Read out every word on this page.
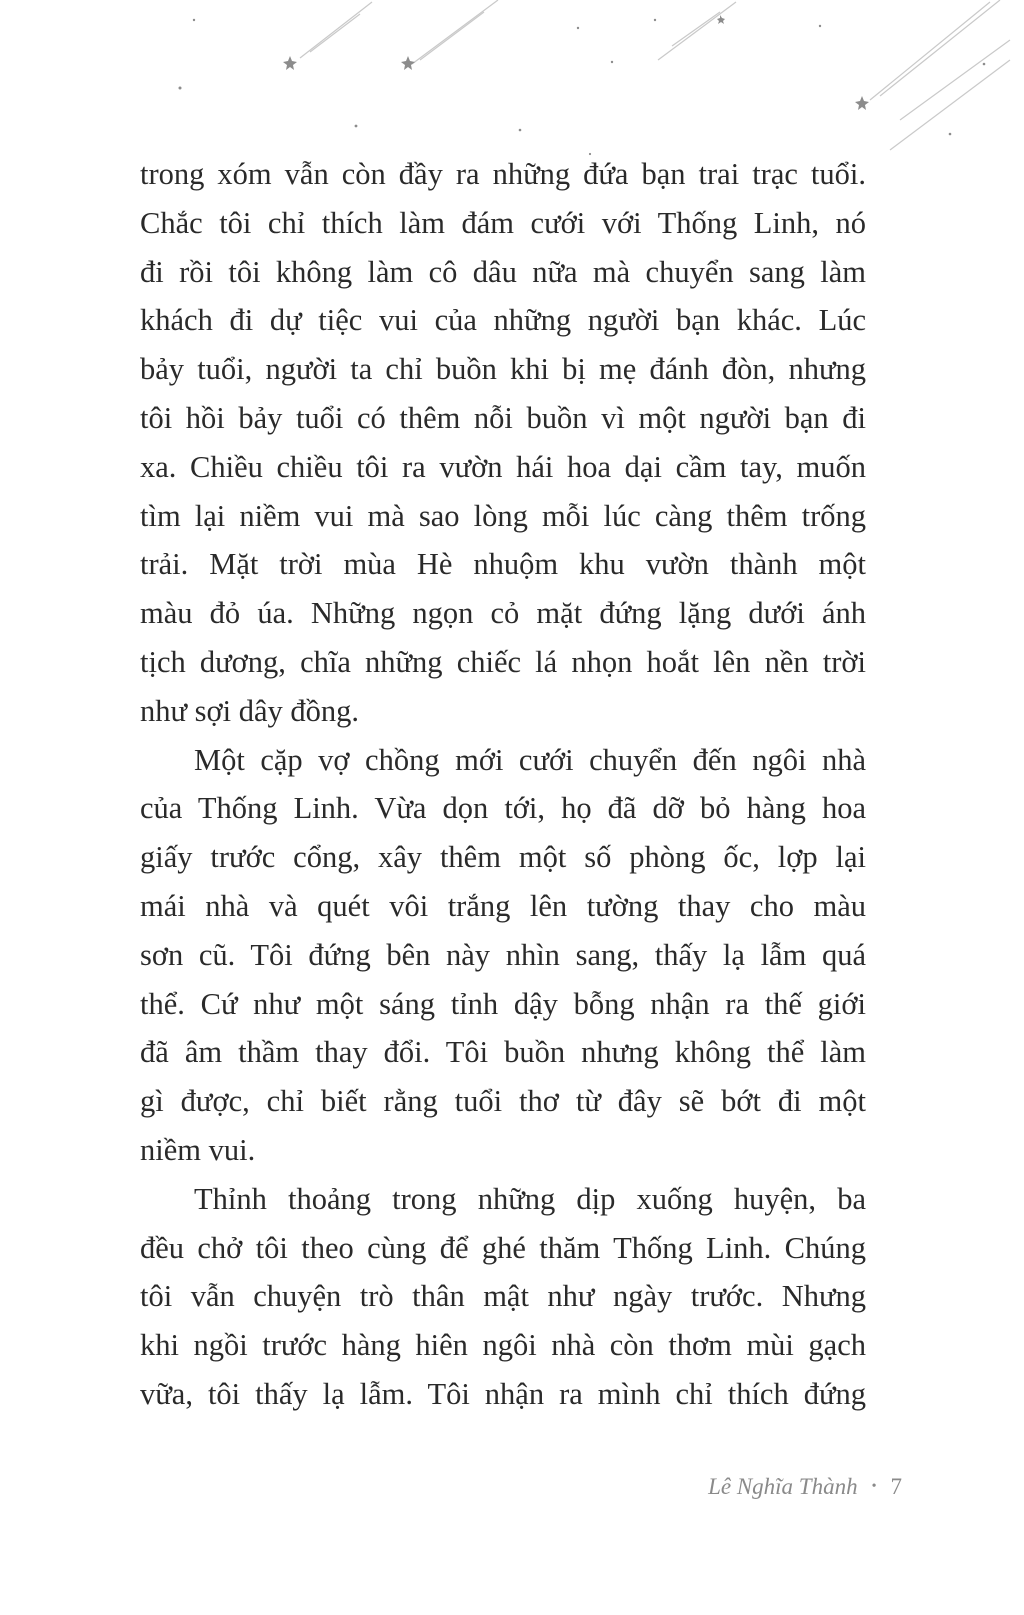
trong xóm vẫn còn đầy ra những đứa bạn trai trạc tuổi.
Chắc tôi chỉ thích làm đám cưới với Thống Linh, nó
đi rồi tôi không làm cô dâu nữa mà chuyển sang làm
khách đi dự tiệc vui của những người bạn khác. Lúc
bảy tuổi, người ta chỉ buồn khi bị mẹ đánh đòn, nhưng
tôi hồi bảy tuổi có thêm nỗi buồn vì một người bạn đi
xa. Chiều chiều tôi ra vườn hái hoa dại cầm tay, muốn
tìm lại niềm vui mà sao lòng mỗi lúc càng thêm trống
trải. Mặt trời mùa Hè nhuộm khu vườn thành một
màu đỏ úa. Những ngọn cỏ mặt đứng lặng dưới ánh
tịch dương, chĩa những chiếc lá nhọn hoắt lên nền trời
như sợi dây đồng.
Một cặp vợ chồng mới cưới chuyển đến ngôi nhà
của Thống Linh. Vừa dọn tới, họ đã dỡ bỏ hàng hoa
giấy trước cổng, xây thêm một số phòng ốc, lợp lại
mái nhà và quét vôi trắng lên tường thay cho màu
sơn cũ. Tôi đứng bên này nhìn sang, thấy lạ lẫm quá
thể. Cứ như một sáng tỉnh dậy bỗng nhận ra thế giới
đã âm thầm thay đổi. Tôi buồn nhưng không thể làm
gì được, chỉ biết rằng tuổi thơ từ đây sẽ bớt đi một
niềm vui.
Thỉnh thoảng trong những dịp xuống huyện, ba
đều chở tôi theo cùng để ghé thăm Thống Linh. Chúng
tôi vẫn chuyện trò thân mật như ngày trước. Nhưng
khi ngồi trước hàng hiên ngôi nhà còn thơm mùi gạch
vữa, tôi thấy lạ lẫm. Tôi nhận ra mình chỉ thích đứng
Lê Nghĩa Thành • 7
